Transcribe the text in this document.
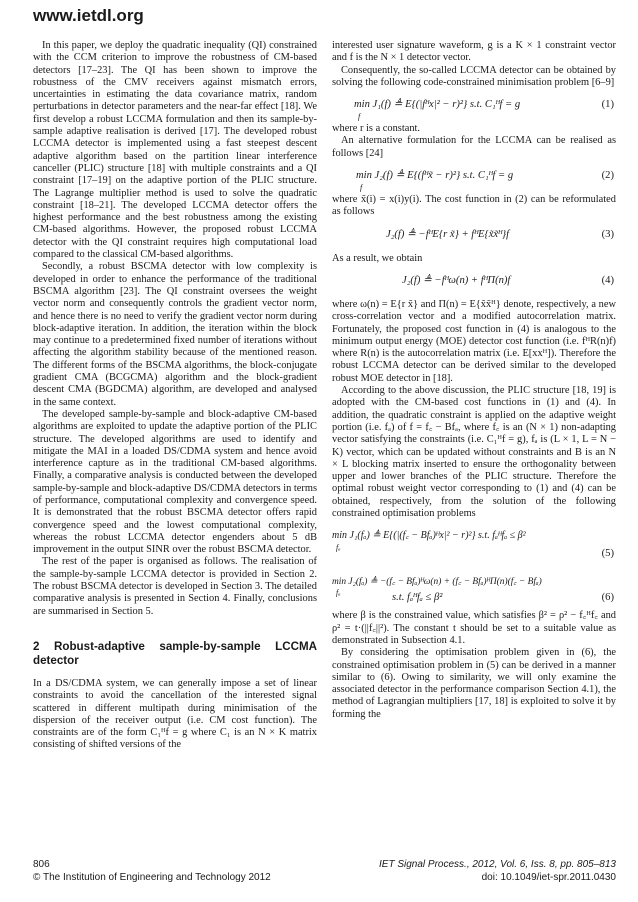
www.ietdl.org

In this paper, we deploy the quadratic inequality (QI) constrained with the CCM criterion to improve the robustness of CM-based detectors [17–23]. The QI has been shown to improve the robustness of the CMV receivers against mismatch errors, uncertainties in estimating the data covariance matrix, random perturbations in detector parameters and the near-far effect [18]. We first develop a robust LCCMA formulation and then its sample-by-sample adaptive realisation is derived [17]. The developed robust LCCMA detector is implemented using a fast steepest descent adaptive algorithm based on the partition linear interference canceller (PLIC) structure [18] with multiple constraints and a QI constraint [17–19] on the adaptive portion of the PLIC structure. The Lagrange multiplier method is used to solve the quadratic constraint [18–21]. The developed LCCMA detector offers the highest performance and the best robustness among the existing CM-based algorithms. However, the proposed robust LCCMA detector with the QI constraint requires high computational load compared to the classical CM-based algorithms.

Secondly, a robust BSCMA detector with low complexity is developed in order to enhance the performance of the traditional BSCMA algorithm [23]. The QI constraint oversees the weight vector norm and consequently controls the gradient vector norm, and hence there is no need to verify the gradient vector norm during block-adaptive iteration. In addition, the iteration within the block may continue to a predetermined fixed number of iterations without affecting the algorithm stability because of the mentioned reason. The different forms of the BSCMA algorithms, the block-conjugate gradient CMA (BCGCMA) algorithm and the block-gradient descent CMA (BGDCMA) algorithm, are developed and analysed in the same context.

The developed sample-by-sample and block-adaptive CM-based algorithms are exploited to update the adaptive portion of the PLIC structure. The developed algorithms are used to identify and mitigate the MAI in a loaded DS/CDMA system and hence avoid interference capture as in the traditional CM-based algorithms. Finally, a comparative analysis is conducted between the developed sample-by-sample and block-adaptive DS/CDMA detectors in terms of performance, computational complexity and convergence speed. It is demonstrated that the robust BSCMA detector offers rapid convergence speed and the lowest computational complexity, whereas the robust LCCMA detector engenders about 5 dB improvement in the output SINR over the robust BSCMA detector.

The rest of the paper is organised as follows. The realisation of the sample-by-sample LCCMA detector is provided in Section 2. The robust BSCMA detector is developed in Section 3. The detailed comparative analysis is presented in Section 4. Finally, conclusions are summarised in Section 5.

2 Robust-adaptive sample-by-sample LCCMA detector

In a DS/CDMA system, we can generally impose a set of linear constraints to avoid the cancellation of the interested signal scattered in different multipath during minimisation of the dispersion of the receiver output (i.e. CM cost function). The constraints are of the form C₁ᴴf = g where C₁ is an N × K matrix consisting of shifted versions of the

interested user signature waveform, g is a K × 1 constraint vector and f is the N × 1 detector vector.

Consequently, the so-called LCCMA detector can be obtained by solving the following code-constrained minimisation problem [6–9]

min J₁(f) ≜ E{(|fᴴx|² − r)²} s.t. C₁ᴴf = g
f
(1)

where r is a constant.

An alternative formulation for the LCCMA can be realised as follows [24]

min J₂(f) ≜ E{(fᴴx̃ − r)²} s.t. C₁ᴴf = g
f
(2)

where x̃(i) = x(i)y(i). The cost function in (2) can be reformulated as follows

J₂(f) ≜ −fᴴE{r x̃} + fᴴE{x̃x̃ᴴ}f	(3)

As a result, we obtain

J₂(f) ≜ −fᴴω(n) + fᴴΠ(n)f	(4)

where ω(n) = E{r x̃} and Π(n) = E{x̃x̃ᴴ} denote, respectively, a new cross-correlation vector and a modified autocorrelation matrix. Fortunately, the proposed cost function in (4) is analogous to the minimum output energy (MOE) detector cost function (i.e. fᴴR(n)f) where R(n) is the autocorrelation matrix (i.e. E[xxᴴ]). Therefore the robust LCCMA detector can be derived similar to the developed robust MOE detector in [18].

According to the above discussion, the PLIC structure [18, 19] is adopted with the CM-based cost functions in (1) and (4). In addition, the quadratic constraint is applied on the adaptive weight portion (i.e. fₐ) of f = f꜀ − Bfₐ, where f꜀ is an (N × 1) non-adapting vector satisfying the constraints (i.e. C₁ᴴf = g), fₐ is (L × 1, L = N − K) vector, which can be updated without constraints and B is an N × L blocking matrix inserted to ensure the orthogonality between upper and lower branches of the PLIC structure. Therefore the optimal robust weight vector corresponding to (1) and (4) can be obtained, respectively, from the solution of the following constrained optimisation problems

min J₁(fₐ) ≜ E{(|(f꜀ − Bfₐ)ᴴx|² − r)²} s.t. fₐᴴfₐ ≤ β²
fₐ
(5)
min J₂(fₐ) ≜ −(f꜀ − Bfₐ)ᴴω(n) + (f꜀ − Bfₐ)ᴴΠ(n)(f꜀ − Bfₐ)
fₐ	s.t. fₐᴴfₐ ≤ β²	(6)

where β is the constrained value, which satisfies β² = ρ² − f꜀ᴴf꜀ and ρ² = t·(||f꜀||²). The constant t should be set to a suitable value as demonstrated in Subsection 4.1.

By considering the optimisation problem given in (6), the constrained optimisation problem in (5) can be derived in a manner similar to (6). Owing to similarity, we will only examine the associated detector in the performance comparison Section 4.1), the method of Lagrangian multipliers [17, 18] is exploited to solve it by forming the

806
© The Institution of Engineering and Technology 2012
IET Signal Process., 2012, Vol. 6, Iss. 8, pp. 805–813
doi: 10.1049/iet-spr.2011.0430
